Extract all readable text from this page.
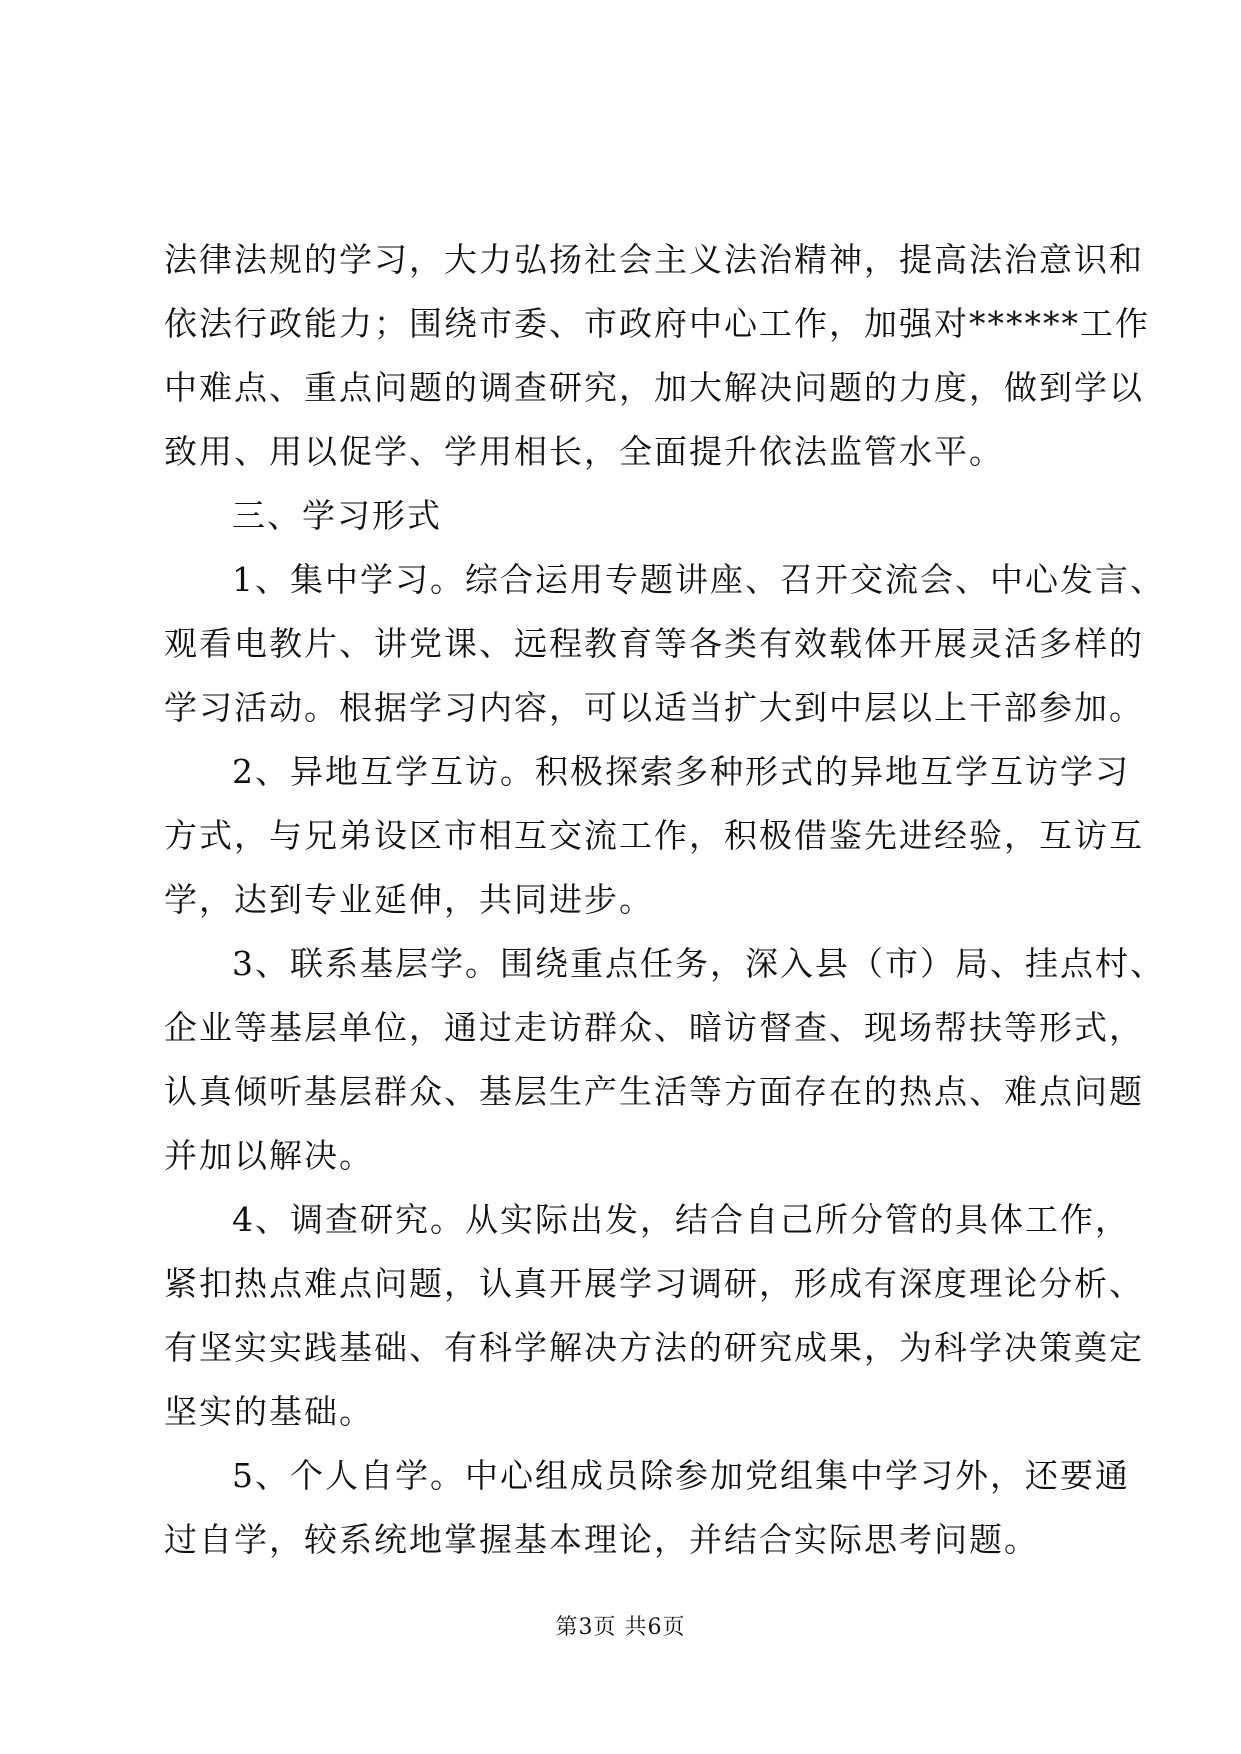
法律法规的学习，大力弘扬社会主义法治精神，提高法治意识和
依法行政能力；围绕市委、市政府中心工作，加强对******工作
中难点、重点问题的调查研究，加大解决问题的力度，做到学以
致用、用以促学、学用相长，全面提升依法监管水平。
三、学习形式
1、集中学习。综合运用专题讲座、召开交流会、中心发言、
观看电教片、讲党课、远程教育等各类有效载体开展灵活多样的
学习活动。根据学习内容，可以适当扩大到中层以上干部参加。
2、异地互学互访。积极探索多种形式的异地互学互访学习
方式，与兄弟设区市相互交流工作，积极借鉴先进经验，互访互
学，达到专业延伸，共同进步。
3、联系基层学。围绕重点任务，深入县（市）局、挂点村、
企业等基层单位，通过走访群众、暗访督查、现场帮扶等形式，
认真倾听基层群众、基层生产生活等方面存在的热点、难点问题
并加以解决。
4、调查研究。从实际出发，结合自己所分管的具体工作，
紧扣热点难点问题，认真开展学习调研，形成有深度理论分析、
有坚实实践基础、有科学解决方法的研究成果，为科学决策奠定
坚实的基础。
5、个人自学。中心组成员除参加党组集中学习外，还要通
过自学，较系统地掌握基本理论，并结合实际思考问题。
第3页 共6页
